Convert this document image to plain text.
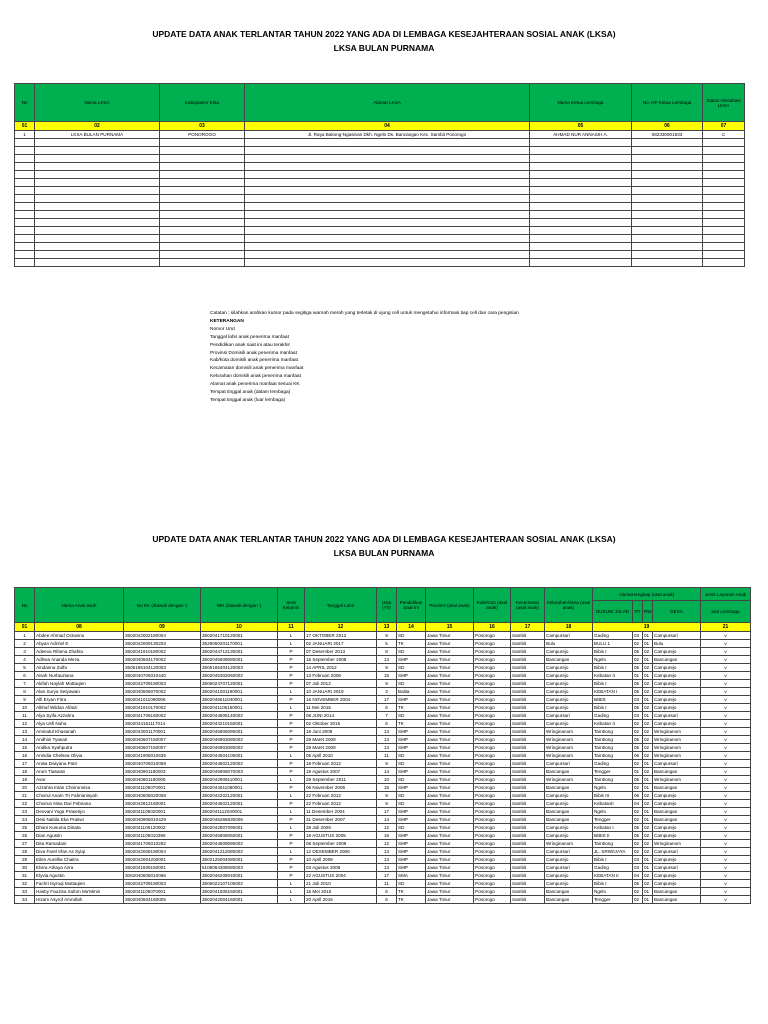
UPDATE DATA ANAK TERLANTAR TAHUN 2022 YANG ADA DI LEMBAGA KESEJAHTERAAN SOSIAL ANAK (LKSA)
LKSA BULAN PURNAMA
No	Nama LKSA	Kabupaten/ Kota	Alamat LKSA	Nama Ketua Lembaga	No. HP Ketua Lembaga	Status Akreditasi LKSA
01	02	03	04	05	06	07
1	LKSA BULAN PURNAMA	PONOROGO	Jl. Raya Bakong-Ngasinan Dkh. Ngelo Ds. Bancangan Kec. Sambit Ponorogo	AHMAD NUR ANNASIH A.	082330901933	C

Catatan : silahkan arahkan kursor pada segitiga warnah merah yang terletak di ujung cell untuk mengetahui informasi tiap cell dan cara pengisian
KETERANGAN
Nomor Urut
Tanggal lahir anak penerima manfaat
Pendidikan anak saat ini atau terakhir
Provinsi Domisili anak penerima manfaat
Kab/kota domisili anak penerima manfaat
Kecamatan domisili anak penerima manfaat
Kelurahan domisili anak penerima manfaat
Alamat anak penerima manfaat sesuai KK
Tempat tinggal anak (dalam lembaga)
Tempat tinggal anak (luar lembaga)
UPDATE DATA ANAK TERLANTAR TAHUN 2022 YANG ADA DI LEMBAGA KESEJAHTERAAN SOSIAL ANAK (LKSA)
LKSA BULAN PURNAMA
No	Nama Anak asuh	No KK (diawali dengan ')	NIK (diawali dengan ')	Jenis Kelamin	Tanggal Lahir	Usia (Th)	Pendidikan Saat Ini	Provinsi (asal anak)	Kab/Kota (asal anak)	Kecamatan (asal anak)	Kelurahan/desa (asal anak)	Alamat lengkap (asal anak)				Jenis Layanan Anak
												DUSUN/ JALAN	RT	RW	DESA	luar Lembaga
01	08	09	10	11	12	13	14	15	16	17	18	19				21
1	Abdee Ahmad Octavino	3502042002180004	3502041710120001	L	17 OKTOBER 2012	9	SD	Jawa Timur	Ponorogo	Sambit	Campursari	Gading	03	01	Campursari	v
2	Abyan Adzriel E	3502042009130203	3529050201170001	L	02 JANUARI 2017	5	TK	Jawa Timur	Ponorogo	Sambit	Bulu	BULU 1	02	01	Bulu	v
3	Adeeva Rifama Zhafira	3502041910180002	3502044712130001	P	07 Desember 2013	8	SD	Jawa Timur	Ponorogo	Sambit	Campurejo	Bibis I	05	02	Campurejo	v
4	Adhwa Ananda Meza	3502040504170002	3502045509080001	P	15 September 2008	13	SMP	Jawa Timur	Ponorogo	Sambit	Bancangan	Ngelo	02	01	Bancangan	v
5	Aindanna Zulfa	3505165104120003	3505165404120003	P	14 APRIL 2012	9	SD	Jawa Timur	Ponorogo	Sambit	Campurejo	Bibis I	05	02	Campurejo	v
6	Aisah Nurfauziana	3502040705010440	3502045302060002	P	13 Februari 2006	15	SMP	Jawa Timur	Ponorogo	Sambit	Campurejo	Kebatan II	01	01	Campurejo	v
7	Akifah Naylah Muttaqien	3502042709190003	3506024707120001	P	07 Juli 2012	9	SD	Jawa Timur	Ponorogo	Sambit	Campurejo	Bibis I	05	02	Campurejo	v
8	Alan Surya Setyawan	3502040506070002	3502041001190001	L	10 JANUARI 2019	3	Balita	Jawa Timur	Ponorogo	Sambit	Campurejo	KEBATAN I	05	02	Campurejo	v
9	Alfi Eryan Fitra	3502041011090006	3502045611040001	P	16 NOVEMBER 2004	17	SMP	Jawa Timur	Ponorogo	Sambit	Campurejo	BIBIS	03	01	Campurejo	v
10	Alkhaf Wildan Alfaizi	3502041910170002	3502041105150001	L	11 Mei 2015	6	TK	Jawa Timur	Ponorogo	Sambit	Campurejo	Bibis I	05	02	Campurejo	v
11	Alya Syifa Azzahra	3502041706160002	3502044806140002	P	08 JUNI 2014	7	SD	Jawa Timur	Ponorogo	Sambit	Campursari	Gading	03	01	Campursari	v
12	Alya Usfi Nuha	3502044161117014	3502044210150001	P	02 Oktober 2015	6	TK	Jawa Timur	Ponorogo	Sambit	Campurejo	Kebatan II	02	02	Campurejo	v
13	Aminatul Khasanah	3502043001170001	3502045806090001	P	18 Juni 2008	13	SMP	Jawa Timur	Ponorogo	Sambit	Wringinanom	Tambong	02	02	Wringinanom	v
14	Andhini Tyasari	3502040607150007	3502046903080002	P	29 Maret 2008	13	SMP	Jawa Timur	Ponorogo	Sambit	Wringinanom	Tambong	05	02	Wringinanom	v
15	Andika Syahputra	3502040607150007	3502046903080002	P	29 Maret 2008	13	SMP	Jawa Timur	Ponorogo	Sambit	Wringinanom	Tambong	05	02	Wringinanom	v
16	Anindia Chelsea Olivia	3502041905010635	3502044504100001	L	05 April 2010	11	SD	Jawa Timur	Ponorogo	Sambit	Wringinanom	Tambong	06	02	Wringinanom	v
17	Anisa Dwiyana Putri	3502040705010059	3502044802120002	P	18 Februari 2012	9	SD	Jawa Timur	Ponorogo	Sambit	Campursari	Gading	02	01	Campursari	v
18	Arum Tiaswati	3502040901180003	3502045908070003	P	19 Agustus 2007	14	SMP	Jawa Timur	Ponorogo	Sambit	Bancangan	Tengger	01	02	Bancangan	v
19	Avar	3502040801180005	3502042909110001	L	29 September 2011	10	SD	Jawa Timur	Ponorogo	Sambit	Wringinanom	Tambong	05	01	Wringinanom	v
20	Azzahra Intan Choirunnisa	3502041105070001	3502044611060001	P	06 November 2006	15	SMP	Jawa Timur	Ponorogo	Sambit	Bancangan	Ngelo	02	01	Bancangan	v
21	Choirul Anam Tri Fabrianisyah	3502040805020008	3502042202120001	L	22 Februari 2012	9	SD	Jawa Timur	Ponorogo	Sambit	Campurejo	Bibis III	06	02	Campurejo	v
22	Choirun Nisa Dwi Febriana	3502042912160001	3502044602120001	P	22 Februari 2012	9	SD	Jawa Timur	Ponorogo	Sambit	Campurejo	KebatanII	04	02	Campurejo	v
23	Deovani Yoga Prasetiyo	3502041105020001	3502041112040001	L	11 Desember 2004	17	SMP	Jawa Timur	Ponorogo	Sambit	Bancangan	Ngelo	02	01	Bancangan	v
24	Desi Nabila Eka Pratiwi	3502040905010429	3502045266830006	P	31 Desember 2007	14	SMP	Jawa Timur	Ponorogo	Sambit	Bancangan	Tengger	02	01	Bancangan	v
25	Dhani Kusuma Dinata	3502041106120002	3502042807090001	L	28 Juli 2009	12	SD	Jawa Timur	Ponorogo	Sambit	Campurejo	Kebatan I	05	02	Campurejo	v
26	Dian Agustin	3502041105010396	3502045808050001	P	18 AGUSTUS 2005	16	SMP	Jawa Timur	Ponorogo	Sambit	Campurejo	BIBIS II	05	02	Campurejo	v
27	Dita Ramadani	3502041705010282	3502044809090002	P	08 September 2009	12	SMP	Jawa Timur	Ponorogo	Sambit	Wringinanom	Tambong	02	02	Wringinanom	v
28	Diva Farel Irfan As Syiqi	3502042008190004	3502041212080002	L	12 DESEMBER 2008	13	SMP	Jawa Timur	Ponorogo	Sambit	Campursari	JL. SRIWIJAYA	02	02	Campursari	v
29	Eilen Aurellia Chaitra	3502042004200001	3502125004080001	P	10 April 2008	13	SMP	Jawa Timur	Ponorogo	Sambit	Campurejo	Bibis I	03	01	Campurejo	v
30	Elvira Athaya Azra	3502041506150001	5108064308080003	P	03 Agustus 2008	13	SMP	Jawa Timur	Ponorogo	Sambit	Campursari	Gading	03	01	Campursari	v
31	Elyvia Agustin	3052040805010066	3502046208040001	P	22 AGUSTUS 2004	17	SMA	Jawa Timur	Ponorogo	Sambit	Campurejo	KEBATAN II	04	02	Campurejo	v
32	Fachri Isyroqi Muttaqien	3502042709190003	3506022107100002	L	21 Juli 2010	11	SD	Jawa Timur	Ponorogo	Sambit	Campurejo	Bibis I	05	02	Campurejo	v
33	Hasby Fauzisa Sulton Mu'Minin	3502041105070001	3502041505150001	L	15 Mei 2015	6	TK	Jawa Timur	Ponorogo	Sambit	Bancangan	Ngelo	02	01	Bancangan	v
34	Hizam Asyrof Amrullah	3502040504160005	3502042004160001	L	20 April 2016	6	TK	Jawa Timur	Ponorogo	Sambit	Bancangan	Tengger	02	01	Bancangan	v
